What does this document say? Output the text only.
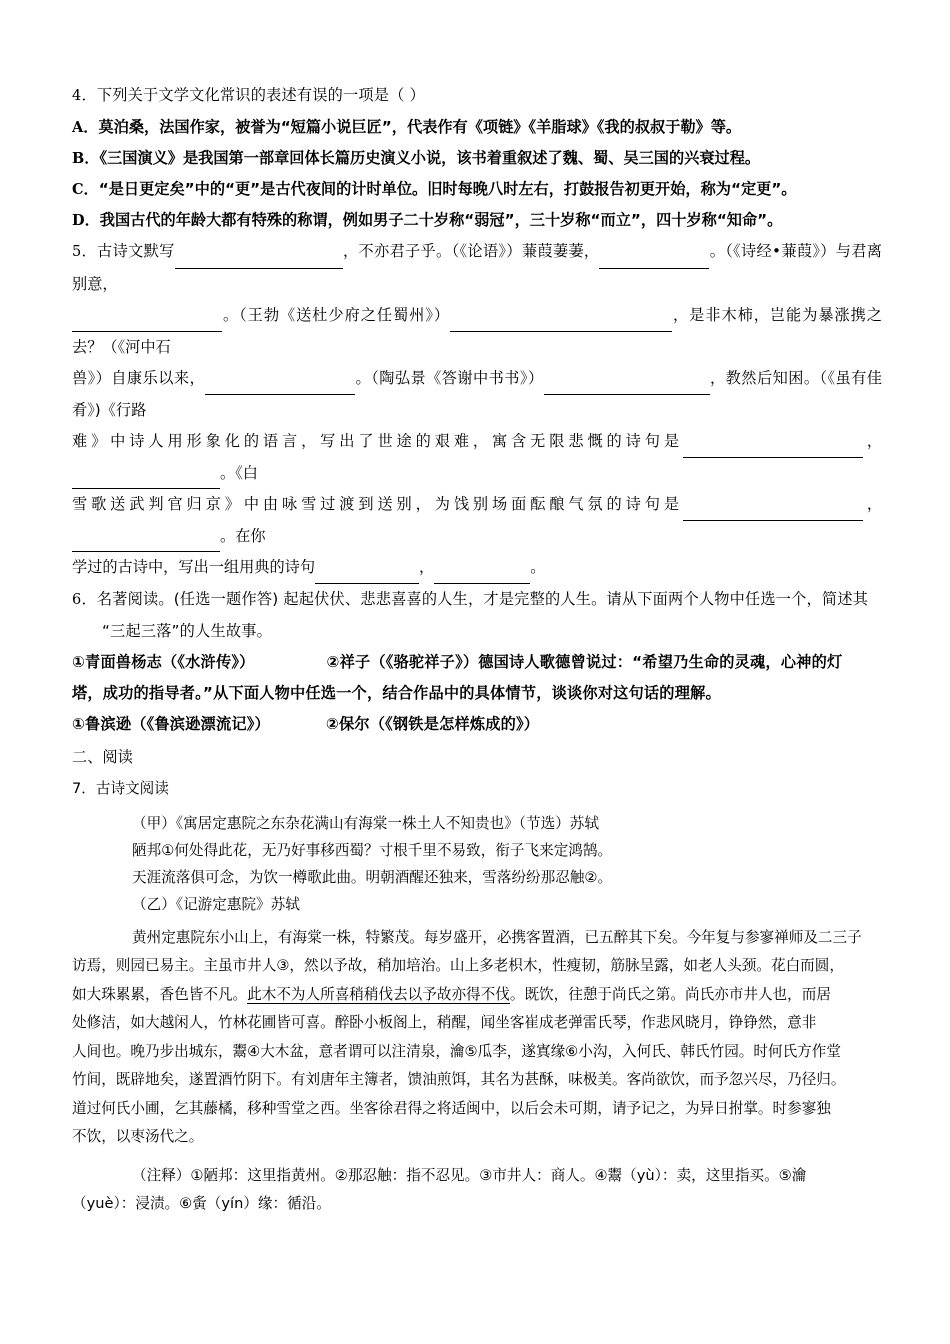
4．下列关于文学文化常识的表述有误的一项是（ ）

A．莫泊桑，法国作家，被誉为“短篇小说巨匠”，代表作有《项链》《羊脂球》《我的叔叔于勒》等。

B．《三国演义》是我国第一部章回体长篇历史演义小说，该书着重叙述了魏、蜀、吴三国的兴衰过程。

C．“是日更定矣”中的“更”是古代夜间的计时单位。旧时每晚八时左右，打鼓报告初更开始，称为“定更”。

D．我国古代的年龄大都有特殊的称谓，例如男子二十岁称“弱冠”，三十岁称“而立”，四十岁称“知命”。

5．古诗文默写	，不亦君子乎。（《论语》）蒹葭萋萋，	。（《诗经•蒹葭》）与君离别意，

。（王勃《送杜少府之任蜀州》）	，是非木柿，岂能为暴涨携之去？（《河中石

兽》）自康乐以来，	。（陶弘景《答谢中书书》）	，教然后知困。（《虽有佳肴》)《行路

难》中诗人用形象化的语言，写出了世途的艰难，寓含无限悲慨的诗句是	，。《白

雪歌送武判官归京》中由咏雪过渡到送别，为饯别场面酝酿气氛的诗句是	，。在你

学过的古诗中，写出一组用典的诗句	，	。

6．名著阅读。(任选一题作答) 起起伏伏、悲悲喜喜的人生，才是完整的人生。请从下面两个人物中任选一个，简述其

“三起三落”的人生故事。

①青面兽杨志（《水浒传》）	②祥子（《骆驼祥子》）德国诗人歌德曾说过：“希望乃生命的灵魂，心神的灯

塔，成功的指导者。”从下面人物中任选一个，结合作品中的具体情节，谈谈你对这句话的理解。

①鲁滨逊（《鲁滨逊漂流记》）	②保尔（《钢铁是怎样炼成的》）

二、阅读

7．古诗文阅读

（甲）《寓居定惠院之东杂花满山有海棠一株土人不知贵也》（节选）苏轼

陋邦①何处得此花，无乃好事移西蜀？寸根千里不易致，衔子飞来定鸿鹄。

天涯流落俱可念，为饮一樽歌此曲。明朝酒醒还独来，雪落纷纷那忍触②。

（乙）《记游定惠院》苏轼

黄州定惠院东小山上，有海棠一株，特繁茂。每岁盛开，必携客置酒，已五醉其下矣。今年复与参寥禅师及二三子

访焉，则园已易主。主虽市井人③，然以予故，稍加培治。山上多老枳木，性瘦韧，筋脉呈露，如老人头颈。花白而圆，

如大珠累累，香色皆不凡。此木不为人所喜稍稍伐去以予故亦得不伐。既饮，往憩于尚氏之第。尚氏亦市井人也，而居

处修洁，如大越闲人，竹林花圃皆可喜。醉卧小板阁上，稍醒，闻坐客崔成老弹雷氏琴，作悲风晓月，铮铮然，意非

人间也。晚乃步出城东，鬻④大木盆，意者谓可以注清泉，瀹⑤瓜李，遂寘缘⑥小沟，入何氏、韩氏竹园。时何氏方作堂

竹间，既辟地矣，遂置酒竹阴下。有刘唐年主簿者，馈油煎饵，其名为甚酥，味极美。客尚欲饮，而予忽兴尽，乃径归。

道过何氏小圃，乞其藤橘，移种雪堂之西。坐客徐君得之将适闽中，以后会未可期，请予记之，为异日拊掌。时参寥独

不饮，以枣汤代之。

（注释）①陋邦：这里指黄州。②那忍触：指不忍见。③市井人：商人。④鬻（yù）：卖，这里指买。⑤瀹

（yuè）：浸渍。⑥夤（yín）缘：循沿。
